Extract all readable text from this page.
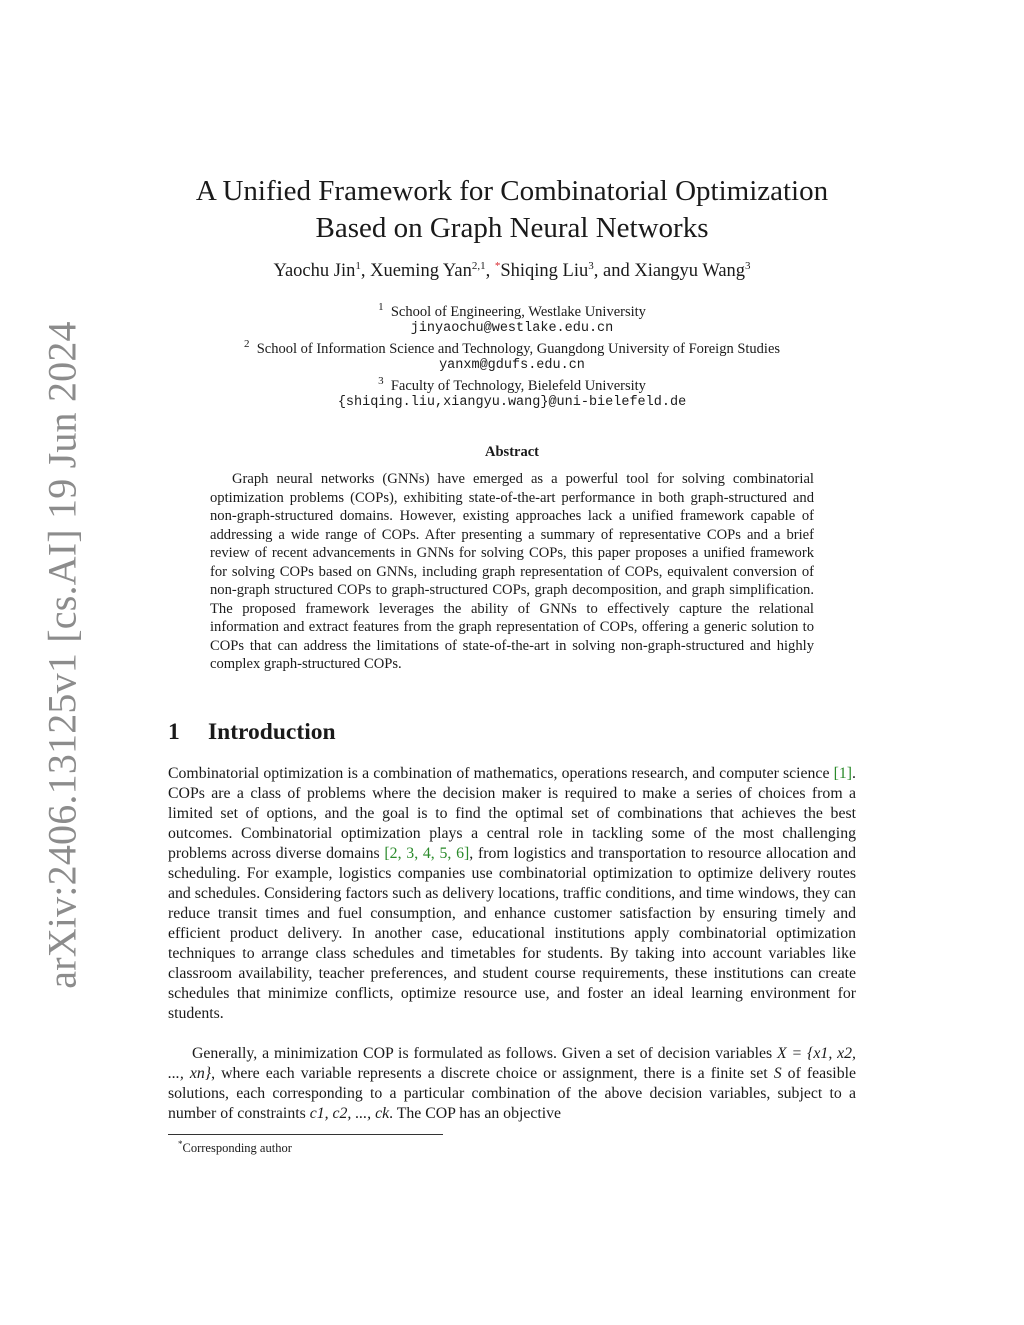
arXiv:2406.13125v1 [cs.AI] 19 Jun 2024
A Unified Framework for Combinatorial Optimization
Based on Graph Neural Networks
Yaochu Jin$^1$, Xueming Yan$^{2,1}$, *Shiqing Liu$^3$, and Xiangyu Wang$^3$
$^1$ School of Engineering, Westlake University
jinyaochu@westlake.edu.cn
$^2$ School of Information Science and Technology, Guangdong University of Foreign Studies
yanxm@gdufs.edu.cn
$^3$ Faculty of Technology, Bielefeld University
{shiqing.liu,xiangyu.wang}@uni-bielefeld.de
Abstract

Graph neural networks (GNNs) have emerged as a powerful tool for solving combinatorial optimization problems (COPs), exhibiting state-of-the-art performance in both graph-structured and non-graph-structured domains. However, existing approaches lack a unified framework capable of addressing a wide range of COPs. After presenting a summary of representative COPs and a brief review of recent advancements in GNNs for solving COPs, this paper proposes a unified framework for solving COPs based on GNNs, including graph representation of COPs, equivalent conversion of non-graph structured COPs to graph-structured COPs, graph decomposition, and graph simplification. The proposed framework leverages the ability of GNNs to effectively capture the relational information and extract features from the graph representation of COPs, offering a generic solution to COPs that can address the limitations of state-of-the-art in solving non-graph-structured and highly complex graph-structured COPs.

1 Introduction

Combinatorial optimization is a combination of mathematics, operations research, and computer science [1]. COPs are a class of problems where the decision maker is required to make a series of choices from a limited set of options, and the goal is to find the optimal set of combinations that achieves the best outcomes. Combinatorial optimization plays a central role in tackling some of the most challenging problems across diverse domains [2, 3, 4, 5, 6], from logistics and transportation to resource allocation and scheduling. For example, logistics companies use combinatorial optimization to optimize delivery routes and schedules. Considering factors such as delivery locations, traffic conditions, and time windows, they can reduce transit times and fuel consumption, and enhance customer satisfaction by ensuring timely and efficient product delivery. In another case, educational institutions apply combinatorial optimization techniques to arrange class schedules and timetables for students. By taking into account variables like classroom availability, teacher preferences, and student course requirements, these institutions can create schedules that minimize conflicts, optimize resource use, and foster an ideal learning environment for students.

Generally, a minimization COP is formulated as follows. Given a set of decision variables X = {x1, x2, ..., xn}, where each variable represents a discrete choice or assignment, there is a finite set S of feasible solutions, each corresponding to a particular combination of the above decision variables, subject to a number of constraints c1, c2, ..., ck. The COP has an objective

*Corresponding author
